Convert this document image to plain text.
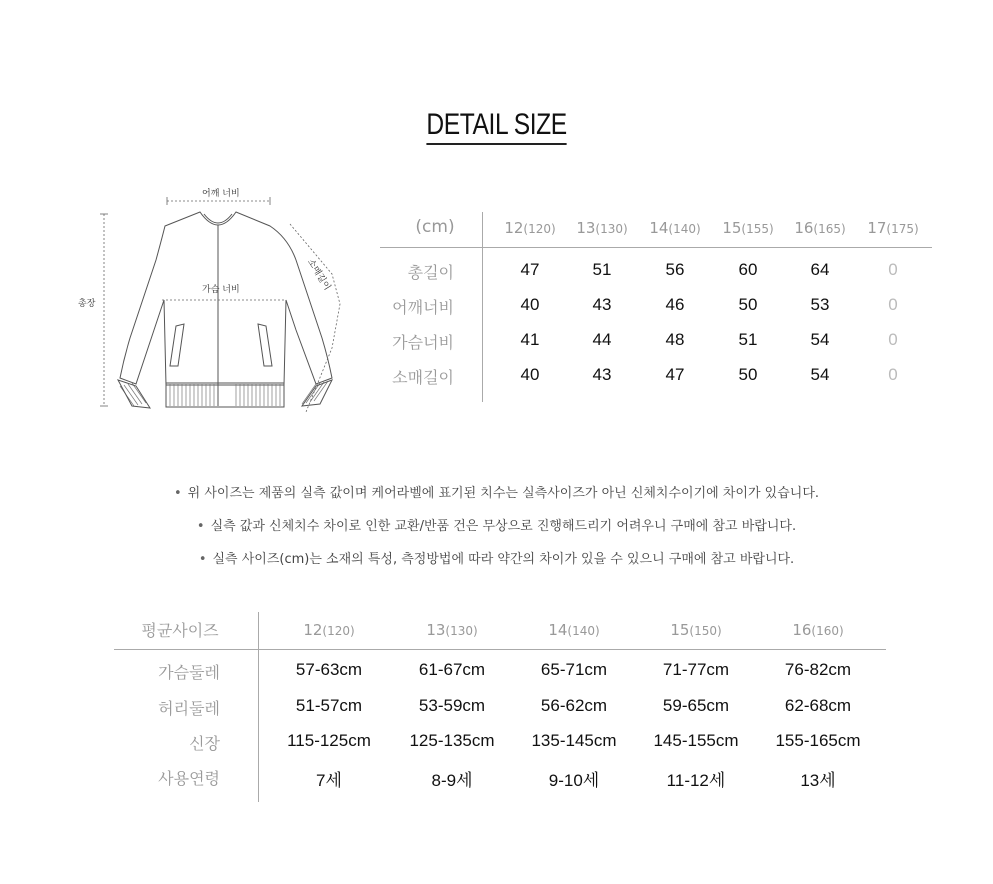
DETAIL SIZE
어깨 너비
가슴 너비
총장
소매길이
(cm)	12(120)	13(130)	14(140)	15(155)	16(165)	17(175)
총길이	47	51	56	60	64	0
어깨너비	40	43	46	50	53	0
가슴너비	41	44	48	51	54	0
소매길이	40	43	47	50	54	0
• 위 사이즈는 제품의 실측 값이며 케어라벨에 표기된 치수는 실측사이즈가 아닌 신체치수이기에 차이가 있습니다.
• 실측 값과 신체치수 차이로 인한 교환/반품 건은 무상으로 진행해드리기 어려우니 구매에 참고 바랍니다.
• 실측 사이즈(cm)는 소재의 특성, 측정방법에 따라 약간의 차이가 있을 수 있으니 구매에 참고 바랍니다.
평균사이즈	12(120)	13(130)	14(140)	15(150)	16(160)
가슴둘레	57-63cm	61-67cm	65-71cm	71-77cm	76-82cm
허리둘레	51-57cm	53-59cm	56-62cm	59-65cm	62-68cm
신장	115-125cm	125-135cm	135-145cm	145-155cm	155-165cm
사용연령	7세	8-9세	9-10세	11-12세	13세
